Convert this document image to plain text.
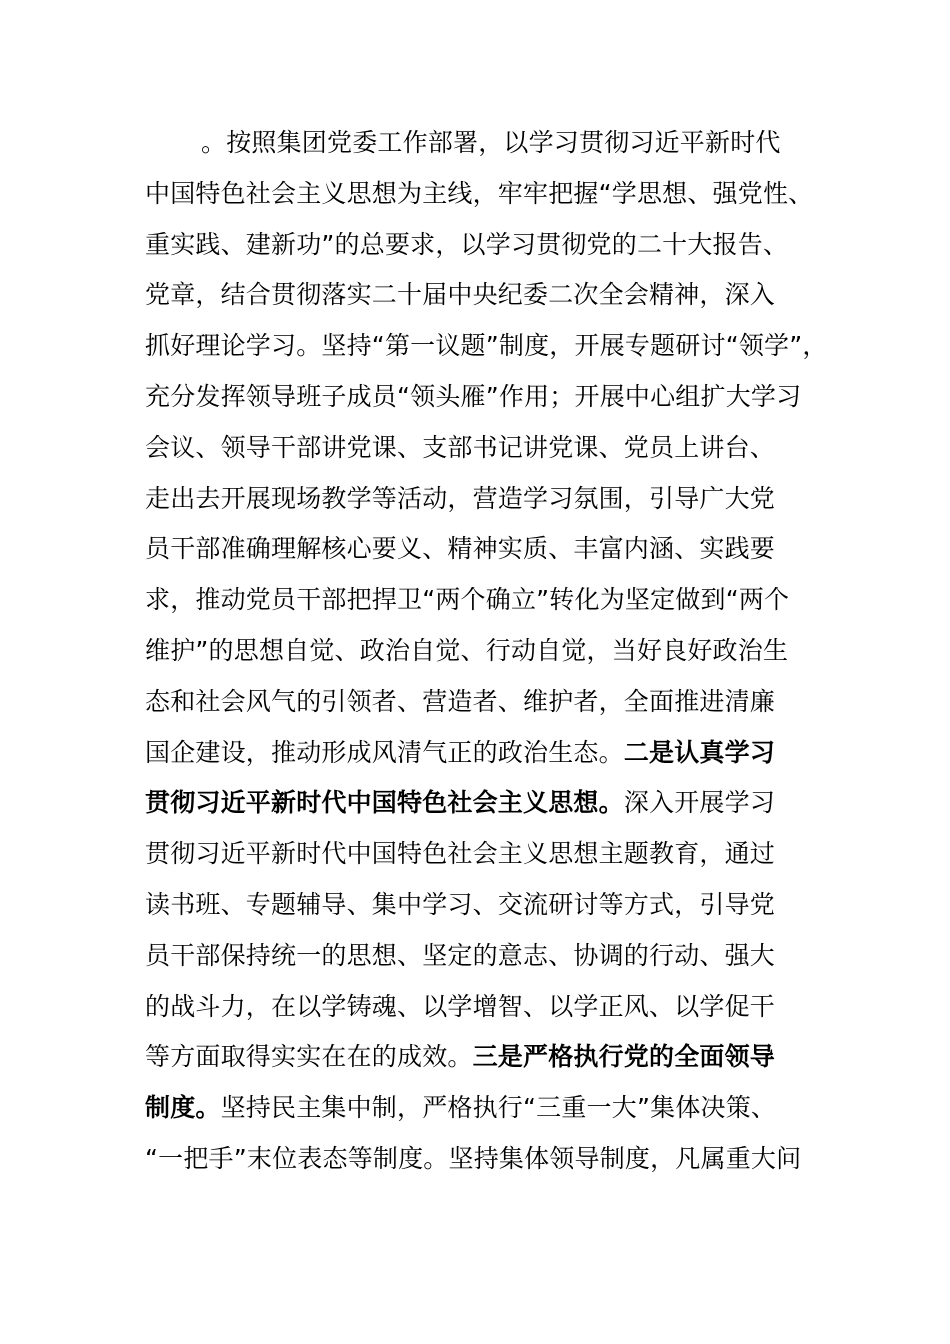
。按照集团党委工作部署，以学习贯彻习近平新时代
中国特色社会主义思想为主线，牢牢把握“学思想、强党性、
重实践、建新功”的总要求，以学习贯彻党的二十大报告、
党章，结合贯彻落实二十届中央纪委二次全会精神，深入
抓好理论学习。坚持“第一议题”制度，开展专题研讨“领学”，
充分发挥领导班子成员“领头雁”作用；开展中心组扩大学习
会议、领导干部讲党课、支部书记讲党课、党员上讲台、
走出去开展现场教学等活动，营造学习氛围，引导广大党
员干部准确理解核心要义、精神实质、丰富内涵、实践要
求，推动党员干部把捍卫“两个确立”转化为坚定做到“两个
维护”的思想自觉、政治自觉、行动自觉，当好良好政治生
态和社会风气的引领者、营造者、维护者，全面推进清廉
国企建设，推动形成风清气正的政治生态。二是认真学习
贯彻习近平新时代中国特色社会主义思想。深入开展学习
贯彻习近平新时代中国特色社会主义思想主题教育，通过
读书班、专题辅导、集中学习、交流研讨等方式，引导党
员干部保持统一的思想、坚定的意志、协调的行动、强大
的战斗力，在以学铸魂、以学增智、以学正风、以学促干
等方面取得实实在在的成效。三是严格执行党的全面领导
制度。坚持民主集中制，严格执行“三重一大”集体决策、
“一把手”末位表态等制度。坚持集体领导制度，凡属重大问
